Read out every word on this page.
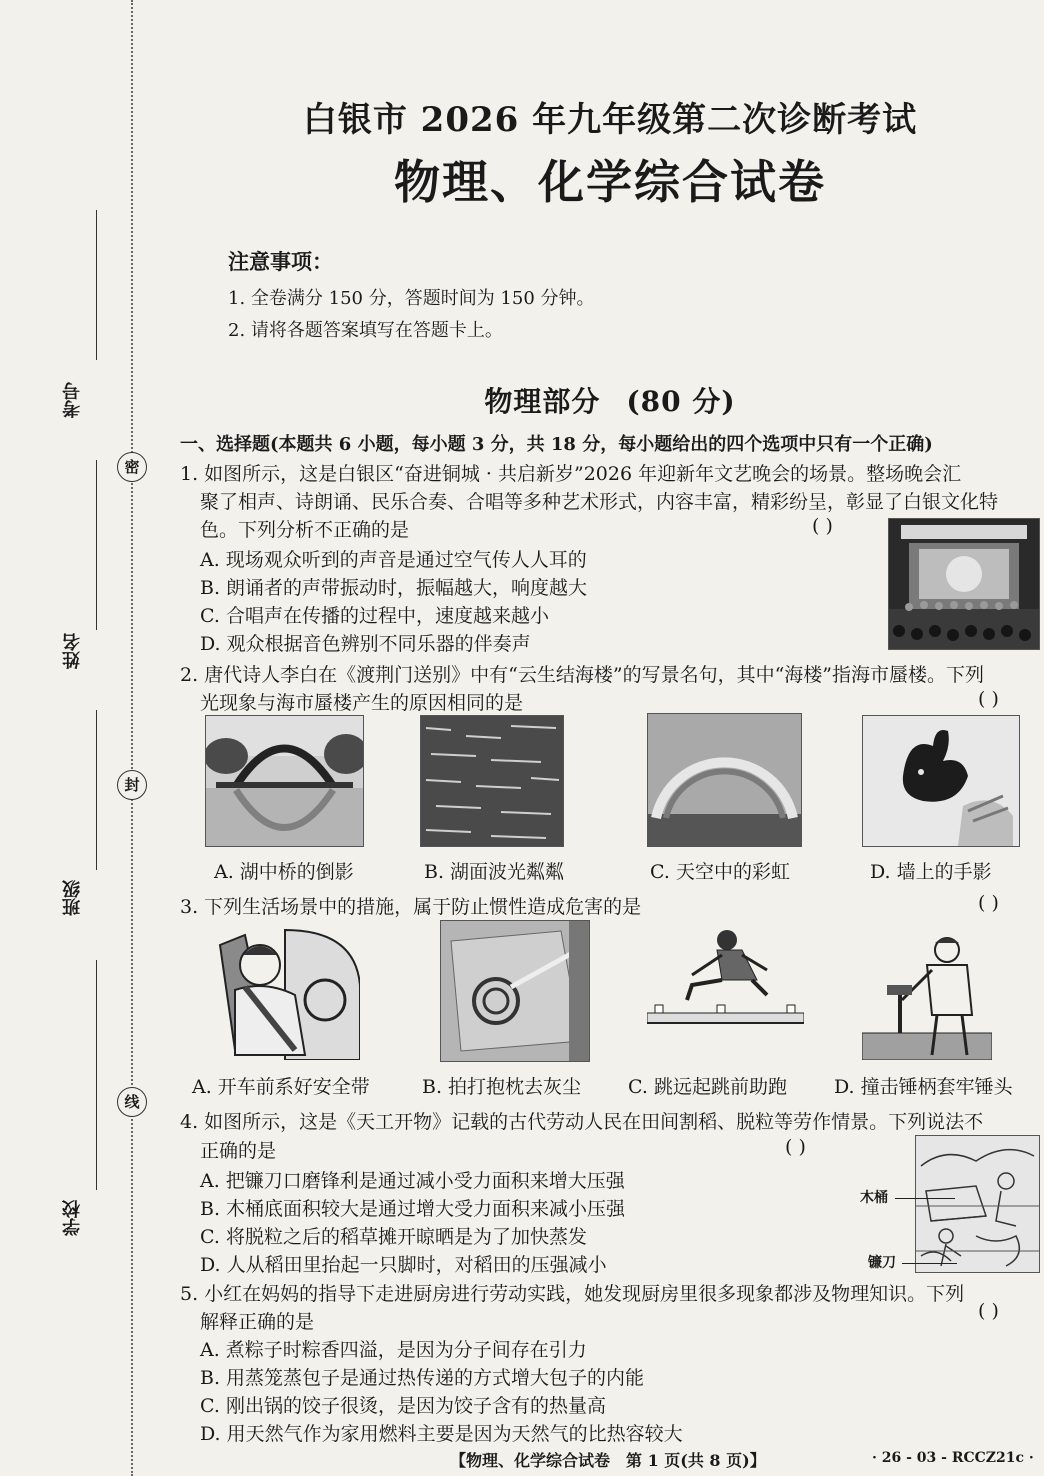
密
封
线
考号
姓名
班级
学校
白银市 2026 年九年级第二次诊断考试
物理、化学综合试卷
注意事项：
1. 全卷满分 150 分，答题时间为 150 分钟。
2. 请将各题答案填写在答题卡上。
物理部分 (80 分)
一、选择题(本题共 6 小题，每小题 3 分，共 18 分，每小题给出的四个选项中只有一个正确)
1. 如图所示，这是白银区“奋进铜城 · 共启新岁”2026 年迎新年文艺晚会的场景。整场晚会汇
聚了相声、诗朗诵、民乐合奏、合唱等多种艺术形式，内容丰富，精彩纷呈，彰显了白银文化特
色。下列分析不正确的是	( )
A. 现场观众听到的声音是通过空气传人人耳的
B. 朗诵者的声带振动时，振幅越大，响度越大
C. 合唱声在传播的过程中，速度越来越小
D. 观众根据音色辨别不同乐器的伴奏声
2. 唐代诗人李白在《渡荆门送别》中有“云生结海楼”的写景名句，其中“海楼”指海市蜃楼。下列
光现象与海市蜃楼产生的原因相同的是	( )
A. 湖中桥的倒影	B. 湖面波光粼粼	C. 天空中的彩虹	D. 墙上的手影
3. 下列生活场景中的措施，属于防止惯性造成危害的是	( )
A. 开车前系好安全带	B. 拍打抱枕去灰尘 C. 跳远起跳前助跑 D. 撞击锤柄套牢锤头
4. 如图所示，这是《天工开物》记载的古代劳动人民在田间割稻、脱粒等劳作情景。下列说法不
正确的是	( )
A. 把镰刀口磨锋利是通过减小受力面积来增大压强
B. 木桶底面积较大是通过增大受力面积来减小压强
C. 将脱粒之后的稻草摊开晾晒是为了加快蒸发
D. 人从稻田里抬起一只脚时，对稻田的压强减小
木桶
镰刀
5. 小红在妈妈的指导下走进厨房进行劳动实践，她发现厨房里很多现象都涉及物理知识。下列
解释正确的是	( )
A. 煮粽子时粽香四溢，是因为分子间存在引力
B. 用蒸笼蒸包子是通过热传递的方式增大包子的内能
C. 刚出锅的饺子很烫，是因为饺子含有的热量高
D. 用天然气作为家用燃料主要是因为天然气的比热容较大
【物理、化学综合试卷　第 1 页(共 8 页)】	· 26 - 03 - RCCZ21c ·
